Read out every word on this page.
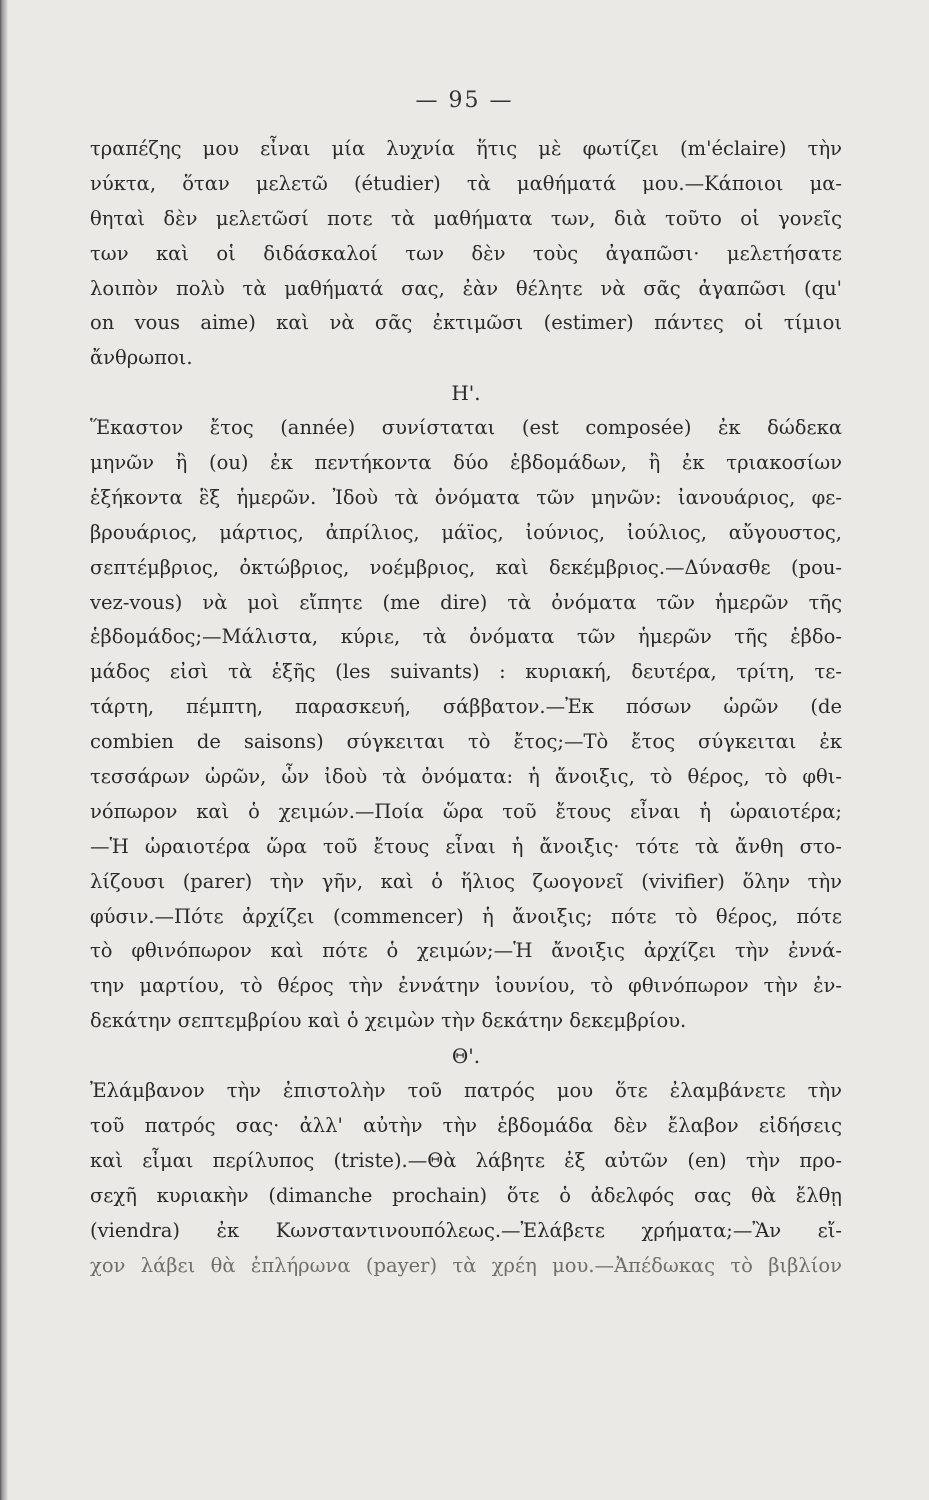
— 95 —
τραπέζης μου εἶναι μία λυχνία ἥτις μὲ φωτίζει (m'éclaire) τὴν
νύκτα, ὅταν μελετῶ (étudier) τὰ μαθήματά μου.—Κάποιοι μα-
θηταὶ δὲν μελετῶσί ποτε τὰ μαθήματα των, διὰ τοῦτο οἱ γονεῖς
των καὶ οἱ διδάσκαλοί των δὲν τοὺς ἀγαπῶσι· μελετήσατε
λοιπὸν πολὺ τὰ μαθήματά σας, ἐὰν θέλητε νὰ σᾶς ἀγαπῶσι (qu'
on vous aime) καὶ νὰ σᾶς ἐκτιμῶσι (estimer) πάντες οἱ τίμιοι
ἄνθρωποι.
Η'.
Ἕκαστον ἔτος (année) συνίσταται (est composée) ἐκ δώδεκα
μηνῶν ἢ (ou) ἐκ πεντήκοντα δύο ἑβδομάδων, ἢ ἐκ τριακοσίων
ἑξήκοντα ἓξ ἡμερῶν. Ἰδοὺ τὰ ὀνόματα τῶν μηνῶν: ἰανουάριος, φε-
βρουάριος, μάρτιος, ἀπρίλιος, μάϊος, ἰούνιος, ἰούλιος, αὔγουστος,
σεπτέμβριος, ὀκτώβριος, νοέμβριος, καὶ δεκέμβριος.—Δύνασθε (pou-
vez-vous) νὰ μοὶ εἴπητε (me dire) τὰ ὀνόματα τῶν ἡμερῶν τῆς
ἑβδομάδος;—Μάλιστα, κύριε, τὰ ὀνόματα τῶν ἡμερῶν τῆς ἑβδο-
μάδος εἰσὶ τὰ ἑξῆς (les suivants) : κυριακή, δευτέρα, τρίτη, τε-
τάρτη, πέμπτη, παρασκευή, σάββατον.—Ἐκ πόσων ὡρῶν (de
combien de saisons) σύγκειται τὸ ἔτος;—Τὸ ἔτος σύγκειται ἐκ
τεσσάρων ὡρῶν, ὧν ἰδοὺ τὰ ὀνόματα: ἡ ἄνοιξις, τὸ θέρος, τὸ φθι-
νόπωρον καὶ ὁ χειμών.—Ποία ὥρα τοῦ ἔτους εἶναι ἡ ὡραιοτέρα;
—Ἡ ὡραιοτέρα ὥρα τοῦ ἔτους εἶναι ἡ ἄνοιξις· τότε τὰ ἄνθη στο-
λίζουσι (parer) τὴν γῆν, καὶ ὁ ἥλιος ζωογονεῖ (vivifier) ὅλην τὴν
φύσιν.—Πότε ἀρχίζει (commencer) ἡ ἄνοιξις; πότε τὸ θέρος, πότε
τὸ φθινόπωρον καὶ πότε ὁ χειμών;—Ἡ ἄνοιξις ἀρχίζει τὴν ἐννά-
την μαρτίου, τὸ θέρος τὴν ἐννάτην ἰουνίου, τὸ φθινόπωρον τὴν ἐν-
δεκάτην σεπτεμβρίου καὶ ὁ χειμὼν τὴν δεκάτην δεκεμβρίου.
Θ'.
Ἐλάμβανον τὴν ἐπιστολὴν τοῦ πατρός μου ὅτε ἐλαμβάνετε τὴν
τοῦ πατρός σας· ἀλλ' αὐτὴν τὴν ἑβδομάδα δὲν ἔλαβον εἰδήσεις
καὶ εἶμαι περίλυπος (triste).—Θὰ λάβητε ἐξ αὐτῶν (en) τὴν προ-
σεχῆ κυριακὴν (dimanche prochain) ὅτε ὁ ἀδελφός σας θὰ ἔλθῃ
(viendra) ἐκ Κωνσταντινουπόλεως.—Ἐλάβετε χρήματα;—Ἂν εἴ-
χον λάβει θὰ ἐπλήρωνα (payer) τὰ χρέη μου.—Ἀπέδωκας τὸ βιβλίον
